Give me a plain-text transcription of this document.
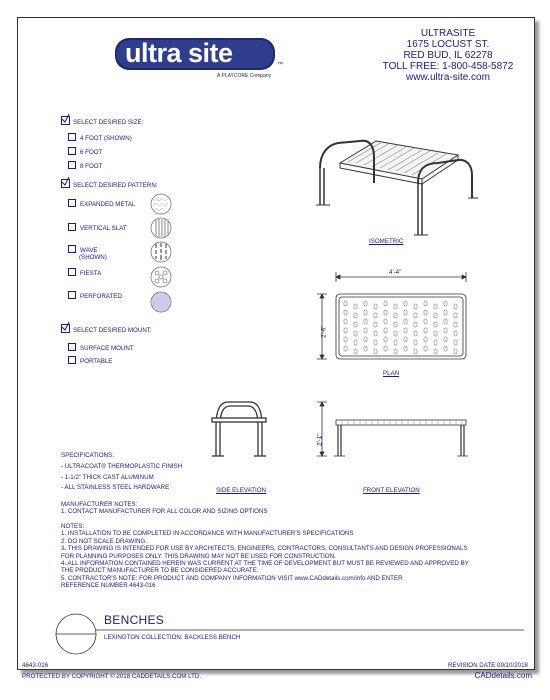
ultra site	™
A PLAYCORE Company
ULTRASITE
1675 LOCUST ST.
RED BUD, IL 62278
TOLL FREE: 1-800-458-5872
www.ultra-site.com
SELECT DESIRED SIZE:
4 FOOT (SHOWN)
6 FOOT
8 FOOT
SELECT DESIRED PATTERN:
EXPANDED METAL
VERTICAL SLAT
WAVE
(SHOWN)
FIESTA
PERFORATED
SELECT DESIRED MOUNT:
SURFACE MOUNT
PORTABLE
ISOMETRIC
4'-4"
2'-6"
PLAN
SIDE ELEVATION
2'-1"
FRONT ELEVATION
SPECIFICATIONS:
- ULTRACOAT® THERMOPLASTIC FINISH
- 1-1/2" THICK CAST ALUMINUM
- ALL STAINLESS STEEL HARDWARE
MANUFACTURER NOTES:
1. CONTACT MANUFACTURER FOR ALL COLOR AND SIZING OPTIONS
NOTES:
1. INSTALLATION TO BE COMPLETED IN ACCORDANCE WITH MANUFACTURER'S SPECIFICATIONS
2. DO NOT SCALE DRAWING.
3. THIS DRAWING IS INTENDED FOR USE BY ARCHITECTS, ENGINEERS, CONTRACTORS, CONSULTANTS AND DESIGN PROFESSIONALS
FOR PLANNING PURPOSES ONLY. THIS DRAWING MAY NOT BE USED FOR CONSTRUCTION.
4. ALL INFORMATION CONTAINED HEREIN WAS CURRENT AT THE TIME OF DEVELOPMENT BUT MUST BE REVIEWED AND APPROVED BY
THE PRODUCT MANUFACTURER TO BE CONSIDERED ACCURATE.
5. CONTRACTOR'S NOTE: FOR PRODUCT AND COMPANY INFORMATION VISIT www.CADdetails.com/info AND ENTER
REFERENCE NUMBER 4643-016
BENCHES
LEXINGTON COLLECTION: BACKLESS BENCH
4643-016	REVISION DATE 09/10/2018
PROTECTED BY COPYRIGHT © 2018 CADDETAILS.COM LTD.	CADdetails.com
